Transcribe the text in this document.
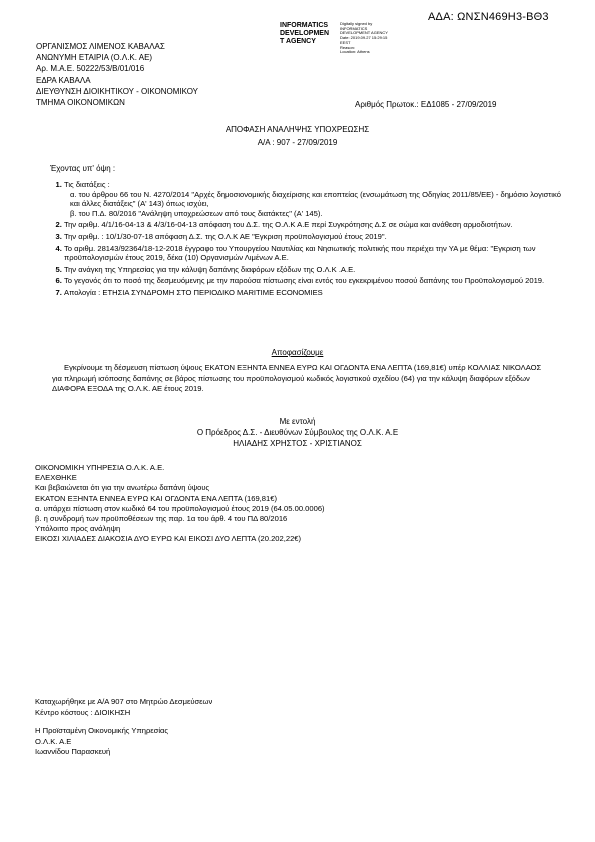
ΑΔΑ: ΩΝΣΝ469Η3-ΒΘ3
INFORMATICS
DEVELOPMEN
T AGENCY
Digitally signed by
INFORMATICS
DEVELOPMENT AGENCY
Date: 2019.09.27 15:29:15
EEST
Reason:
Location: Athens
ΟΡΓΑΝΙΣΜΟΣ ΛΙΜΕΝΟΣ ΚΑΒΑΛΑΣ
ΑΝΩΝΥΜΗ ΕΤΑΙΡΙΑ (Ο.Λ.Κ. ΑΕ)
Αρ. Μ.Α.Ε. 50222/53/Β/01/016
ΕΔΡΑ ΚΑΒΑΛΑ
ΔΙΕΥΘΥΝΣΗ ΔΙΟΙΚΗΤΙΚΟΥ - ΟΙΚΟΝΟΜΙΚΟΥ
ΤΜΗΜΑ ΟΙΚΟΝΟΜΙΚΩΝ	Αριθμός Πρωτοκ.: ΕΔ1085 - 27/09/2019
ΑΠΟΦΑΣΗ ΑΝΑΛΗΨΗΣ ΥΠΟΧΡΕΩΣΗΣ
Α/Α : 907 - 27/09/2019
Έχοντας υπ' όψη :
1. Τις διατάξεις :
α. του άρθρου 66 του Ν. 4270/2014 "Αρχές δημοσιονομικής διαχείρισης και εποπτείας (ενσωμάτωση της Οδηγίας 2011/85/ΕΕ) - δημόσιο λογιστικό και άλλες διατάξεις" (Α' 143) όπως ισχύει,
β. του Π.Δ. 80/2016 "Ανάληψη υποχρεώσεων από τους διατάκτες" (Α' 145).
2. Την αριθμ. 4/1/16-04-13 & 4/3/16-04-13 απόφαση του Δ.Σ. της Ο.Λ.Κ Α.Ε περί Συγκρότησης Δ.Σ σε σώμα και ανάθεση αρμοδιοτήτων.
3. Την αριθμ. : 10/1/30-07-18 απόφαση Δ.Σ. της Ο.Λ.Κ ΑΕ "Εγκριση προϋπολογισμού έτους 2019".
4. Το αριθμ. 28143/92364/18-12-2018 έγγραφο του Υπουργείου Ναυτιλίας και Νησιωτικής πολιτικής που περιέχει την ΥΑ με θέμα: "Εγκριση των προϋπολογισμών έτους 2019, δέκα (10) Οργανισμών Λιμένων Α.Ε.
5. Την ανάγκη της Υπηρεσίας για την κάλυψη δαπάνης διαφόρων εξόδων της Ο.Λ.Κ .Α.Ε.
6. Το γεγονός ότι το ποσό της δεσμευόμενης με την παρούσα πίστωσης είναι εντός του εγκεκριμένου ποσού δαπάνης του Προϋπολογισμού 2019.
7. Απολογία : ΕΤΗΣΙΑ ΣΥΝΔΡΟΜΗ ΣΤΟ ΠΕΡΙΟΔΙΚΟ MARITIME ECONOMIES
Αποφασίζουμε
Εγκρίνουμε τη δέσμευση πίστωση ύψους ΕΚΑΤΟΝ ΕΞΗΝΤΑ ΕΝΝΕΑ ΕΥΡΩ ΚΑΙ ΟΓΔΟΝΤΑ ΕΝΑ ΛΕΠΤΑ (169,81€) υπέρ ΚΟΛΛΙΑΣ ΝΙΚΟΛΑΟΣ για πληρωμή ισόποσης δαπάνης σε βάρος πίστωσης του προϋπολογισμού κωδικός λογιστικού σχεδίου (64) για την κάλυψη διαφόρων εξόδων ΔΙΑΦΟΡΑ ΕΞΟΔΑ της Ο.Λ.Κ. ΑΕ έτους 2019.
Με εντολή
Ο Πρόεδρος Δ.Σ. - Διευθύνων Σύμβουλος της Ο.Λ.Κ. Α.Ε
ΗΛΙΑΔΗΣ ΧΡΗΣΤΟΣ - ΧΡΙΣΤΙΑΝΟΣ
ΟΙΚΟΝΟΜΙΚΗ ΥΠΗΡΕΣΙΑ Ο.Λ.Κ. Α.Ε.
ΕΛΕΧΘΗΚΕ
Και βεβαιώνεται ότι για την ανωτέρω δαπάνη ύψους
ΕΚΑΤΟΝ ΕΞΗΝΤΑ ΕΝΝΕΑ ΕΥΡΩ ΚΑΙ ΟΓΔΟΝΤΑ ΕΝΑ ΛΕΠΤΑ (169,81€)
α. υπάρχει πίστωση στον κωδικό 64 του προϋπολογισμού έτους 2019 (64.05.00.0006)
β. η συνδρομή των προϋποθέσεων της παρ. 1α του άρθ. 4 του ΠΔ 80/2016
Υπόλοιπο προς ανάληψη
ΕΙΚΟΣΙ ΧΙΛΙΑΔΕΣ ΔΙΑΚΟΣΙΑ ΔΥΟ ΕΥΡΩ ΚΑΙ ΕΙΚΟΣΙ ΔΥΟ ΛΕΠΤΑ (20.202,22€)
Καταχωρήθηκε με Α/Α 907 στο Μητρώο Δεσμεύσεων
Κέντρο κόστους : ΔΙΟΙΚΗΣΗ
Η Προϊσταμένη Οικονομικής Υπηρεσίας
Ο.Λ.Κ. Α.Ε
Ιωαννίδου Παρασκευή
